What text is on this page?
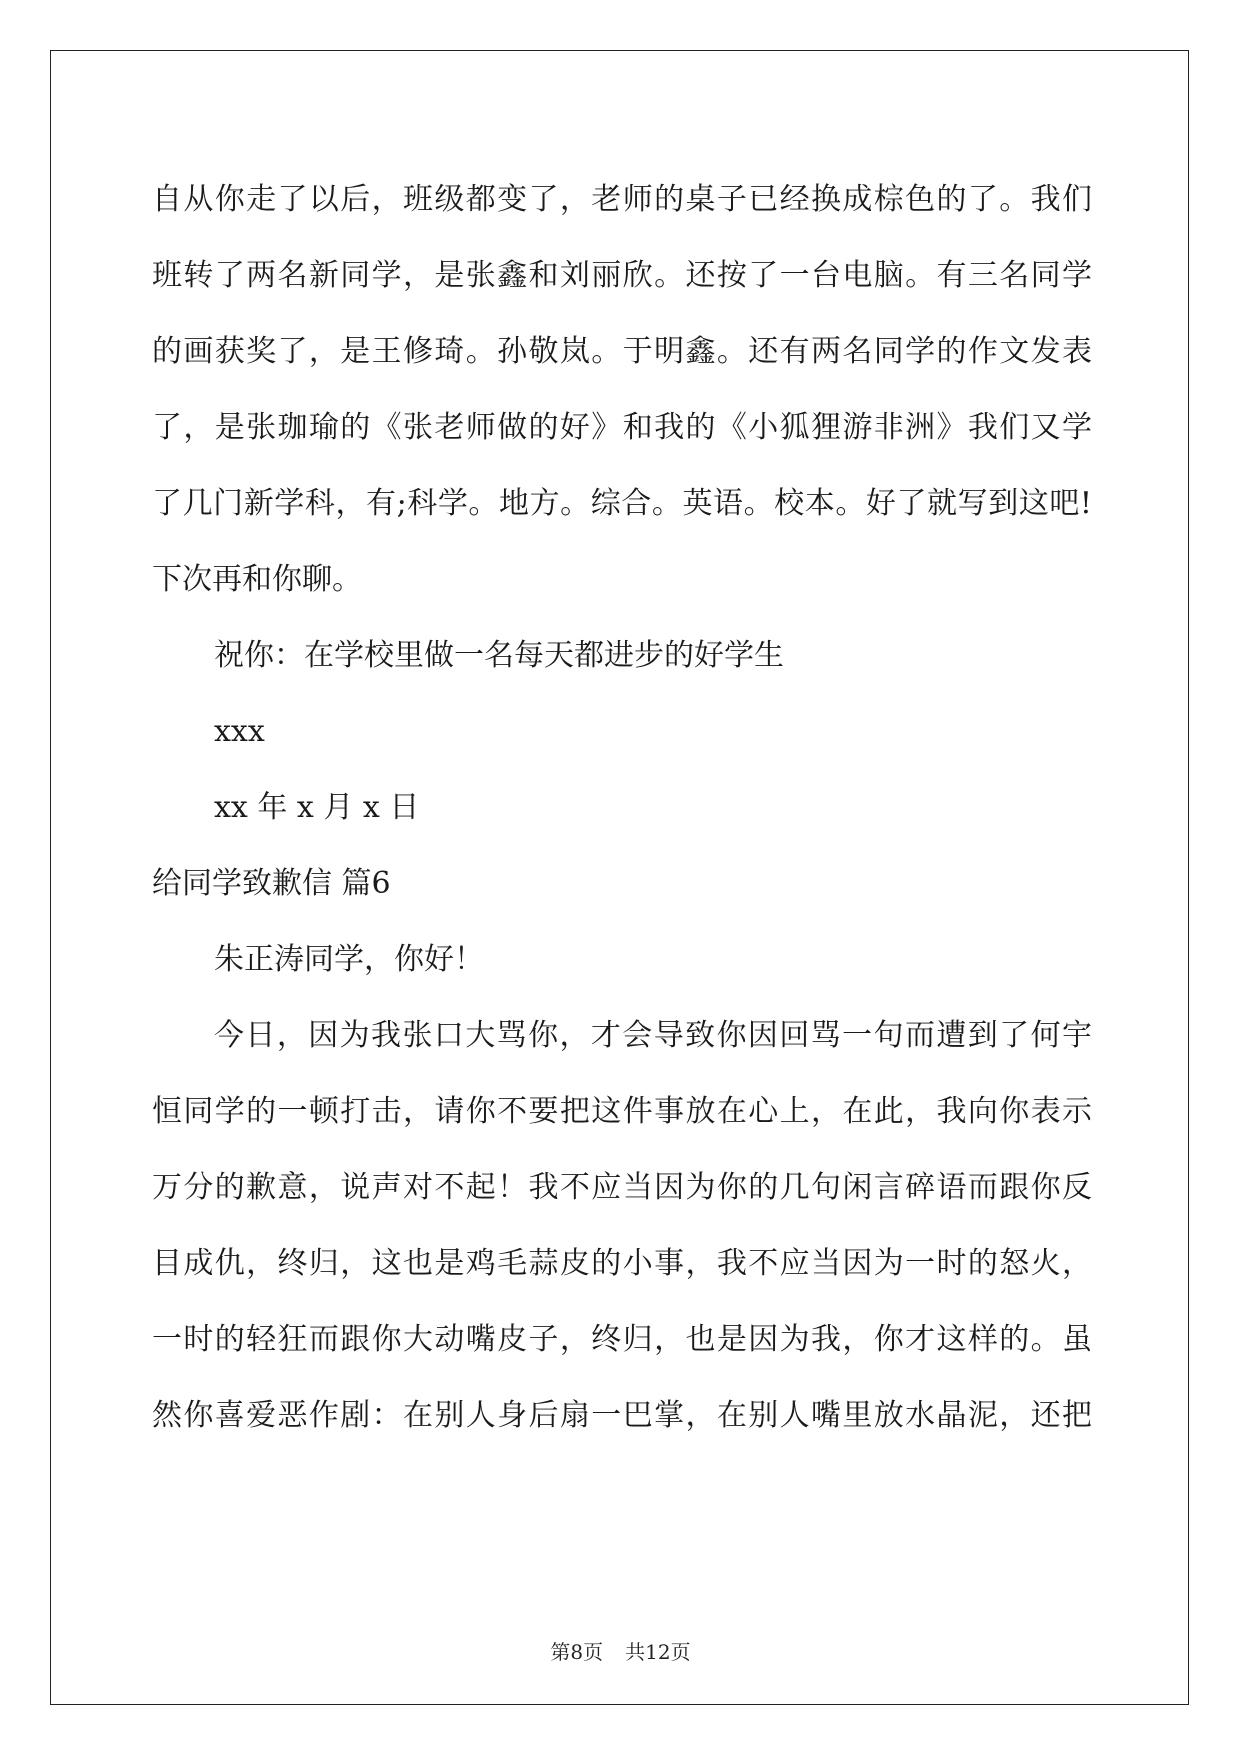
自从你走了以后，班级都变了，老师的桌子已经换成棕色的了。我们
班转了两名新同学，是张鑫和刘丽欣。还按了一台电脑。有三名同学
的画获奖了，是王修琦。孙敬岚。于明鑫。还有两名同学的作文发表
了，是张珈瑜的《张老师做的好》和我的《小狐狸游非洲》我们又学
了几门新学科，有;科学。地方。综合。英语。校本。好了就写到这吧!
下次再和你聊。
祝你：在学校里做一名每天都进步的好学生
xxx
xx 年 x 月 x 日
给同学致歉信 篇6
朱正涛同学，你好！
今日，因为我张口大骂你，才会导致你因回骂一句而遭到了何宇
恒同学的一顿打击，请你不要把这件事放在心上，在此，我向你表示
万分的歉意，说声对不起！我不应当因为你的几句闲言碎语而跟你反
目成仇，终归，这也是鸡毛蒜皮的小事，我不应当因为一时的怒火，
一时的轻狂而跟你大动嘴皮子，终归，也是因为我，你才这样的。虽
然你喜爱恶作剧：在别人身后扇一巴掌，在别人嘴里放水晶泥，还把
第8页 共12页
